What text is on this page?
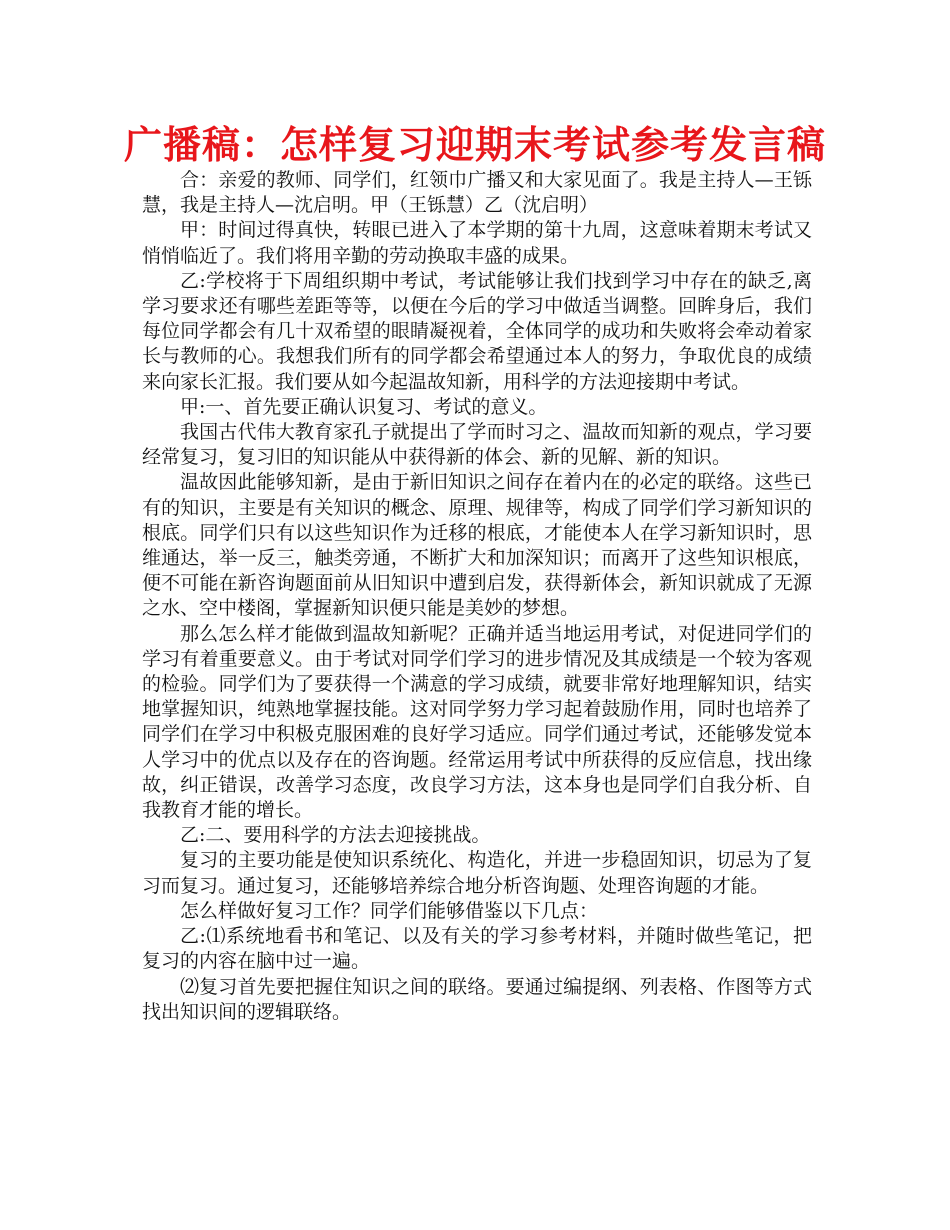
广播稿：怎样复习迎期末考试参考发言稿

合：亲爱的教师、同学们，红领巾广播又和大家见面了。我是主持人—王铄慧，我是主持人—沈启明。甲（王铄慧）乙（沈启明）

甲：时间过得真快，转眼已进入了本学期的第十九周，这意味着期末考试又悄悄临近了。我们将用辛勤的劳动换取丰盛的成果。

乙:学校将于下周组织期中考试，考试能够让我们找到学习中存在的缺乏,离学习要求还有哪些差距等等，以便在今后的学习中做适当调整。回眸身后，我们每位同学都会有几十双希望的眼睛凝视着，全体同学的成功和失败将会牵动着家长与教师的心。我想我们所有的同学都会希望通过本人的努力，争取优良的成绩来向家长汇报。我们要从如今起温故知新，用科学的方法迎接期中考试。

甲:一、首先要正确认识复习、考试的意义。

我国古代伟大教育家孔子就提出了学而时习之、温故而知新的观点，学习要经常复习，复习旧的知识能从中获得新的体会、新的见解、新的知识。

温故因此能够知新，是由于新旧知识之间存在着内在的必定的联络。这些已有的知识，主要是有关知识的概念、原理、规律等，构成了同学们学习新知识的根底。同学们只有以这些知识作为迁移的根底，才能使本人在学习新知识时，思维通达，举一反三，触类旁通，不断扩大和加深知识；而离开了这些知识根底，便不可能在新咨询题面前从旧知识中遭到启发，获得新体会，新知识就成了无源之水、空中楼阁，掌握新知识便只能是美妙的梦想。

那么怎么样才能做到温故知新呢？正确并适当地运用考试，对促进同学们的学习有着重要意义。由于考试对同学们学习的进步情况及其成绩是一个较为客观的检验。同学们为了要获得一个满意的学习成绩，就要非常好地理解知识，结实地掌握知识，纯熟地掌握技能。这对同学努力学习起着鼓励作用，同时也培养了同学们在学习中积极克服困难的良好学习适应。同学们通过考试，还能够发觉本人学习中的优点以及存在的咨询题。经常运用考试中所获得的反应信息，找出缘故，纠正错误，改善学习态度，改良学习方法，这本身也是同学们自我分析、自我教育才能的增长。

乙:二、要用科学的方法去迎接挑战。

复习的主要功能是使知识系统化、构造化，并进一步稳固知识，切忌为了复习而复习。通过复习，还能够培养综合地分析咨询题、处理咨询题的才能。

怎么样做好复习工作？同学们能够借鉴以下几点：

乙:⑴系统地看书和笔记、以及有关的学习参考材料，并随时做些笔记，把复习的内容在脑中过一遍。

⑵复习首先要把握住知识之间的联络。要通过编提纲、列表格、作图等方式找出知识间的逻辑联络。
